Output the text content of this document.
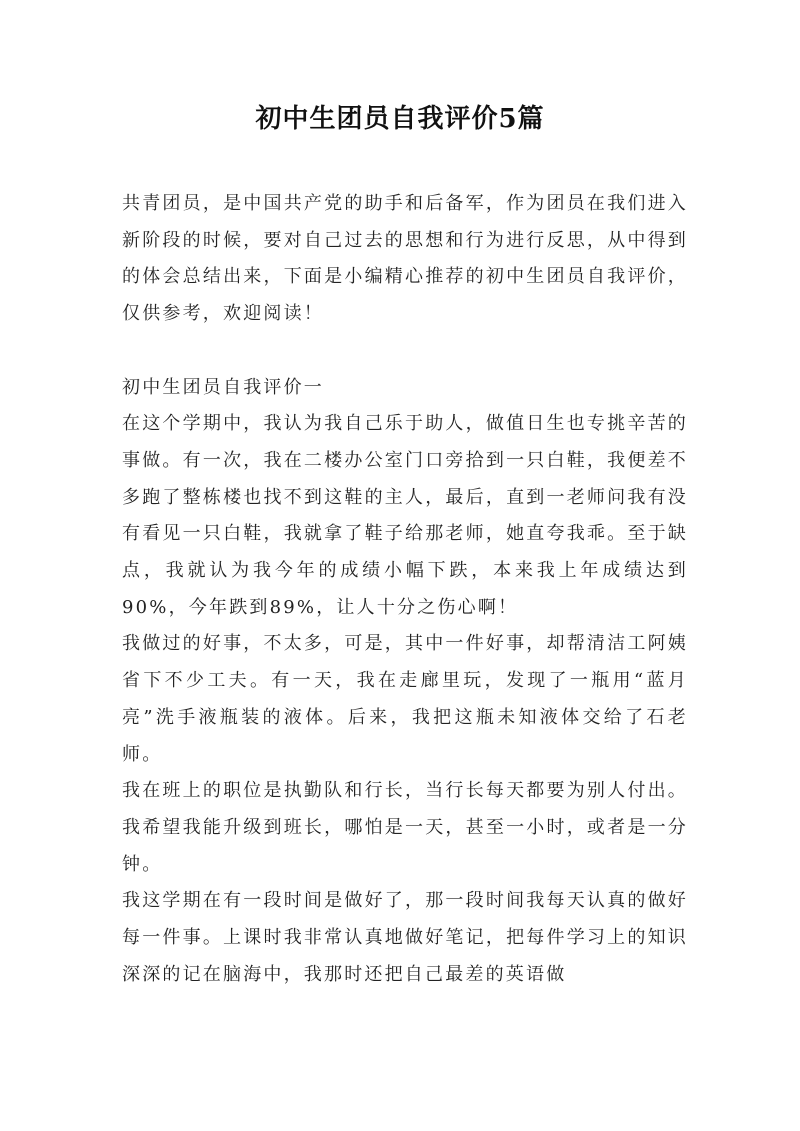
初中生团员自我评价5篇

共青团员，是中国共产党的助手和后备军，作为团员在我们进入新阶段的时候，要对自己过去的思想和行为进行反思，从中得到的体会总结出来，下面是小编精心推荐的初中生团员自我评价，仅供参考，欢迎阅读！

初中生团员自我评价一

在这个学期中，我认为我自己乐于助人，做值日生也专挑辛苦的事做。有一次，我在二楼办公室门口旁拾到一只白鞋，我便差不多跑了整栋楼也找不到这鞋的主人，最后，直到一老师问我有没有看见一只白鞋，我就拿了鞋子给那老师，她直夸我乖。至于缺点，我就认为我今年的成绩小幅下跌，本来我上年成绩达到90%，今年跌到89%，让人十分之伤心啊！

我做过的好事，不太多，可是，其中一件好事，却帮清洁工阿姨省下不少工夫。有一天，我在走廊里玩，发现了一瓶用“蓝月亮”洗手液瓶装的液体。后来，我把这瓶未知液体交给了石老师。

我在班上的职位是执勤队和行长，当行长每天都要为别人付出。我希望我能升级到班长，哪怕是一天，甚至一小时，或者是一分钟。

我这学期在有一段时间是做好了，那一段时间我每天认真的做好每一件事。上课时我非常认真地做好笔记，把每件学习上的知识深深的记在脑海中，我那时还把自己最差的英语做
